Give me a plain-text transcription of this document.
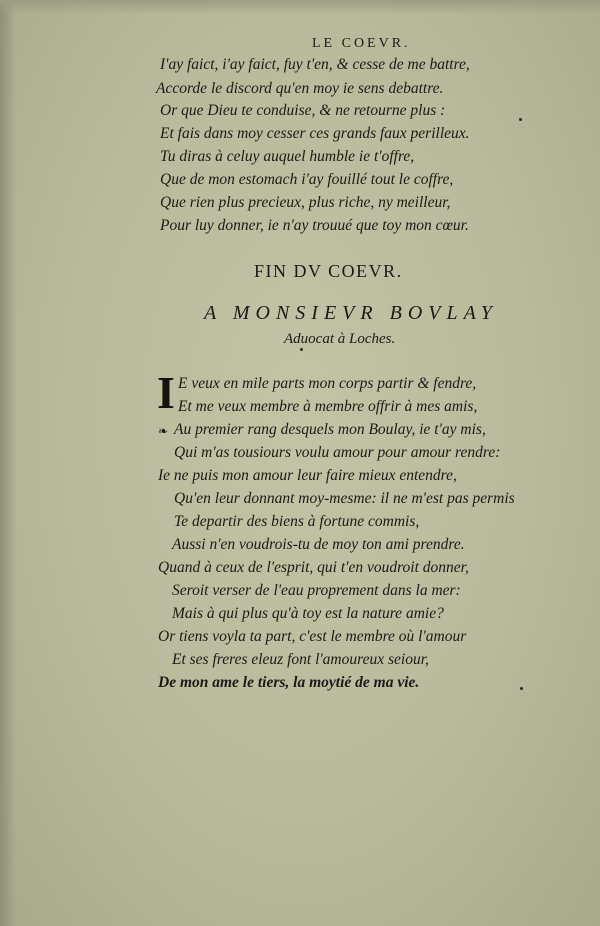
LE COEVR.
I'ay faict, i'ay faict, fuy t'en, & cesse de me battre,
Accorde le discord qu'en moy ie sens debattre.
Or que Dieu te conduise, & ne retourne plus :
Et fais dans moy cesser ces grands faux perilleux.
Tu diras à celuy auquel humble ie t'offre,
Que de mon estomach i'ay fouillé tout le coffre,
Que rien plus precieux, plus riche, ny meilleur,
Pour luy donner, ie n'ay trouué que toy mon cœur.
FIN DV COEVR.
A MONSIEVR BOVLAY
Aduocat à Loches.
I
❧
E veux en mile parts mon corps partir & fendre,
Et me veux membre à membre offrir à mes amis,
Au premier rang desquels mon Boulay, ie t'ay mis,
Qui m'as tousiours voulu amour pour amour rendre:
Ie ne puis mon amour leur faire mieux entendre,
Qu'en leur donnant moy-mesme: il ne m'est pas permis
Te departir des biens à fortune commis,
Aussi n'en voudrois-tu de moy ton ami prendre.
Quand à ceux de l'esprit, qui t'en voudroit donner,
Seroit verser de l'eau proprement dans la mer:
Mais à qui plus qu'à toy est la nature amie?
Or tiens voyla ta part, c'est le membre où l'amour
Et ses freres eleuz font l'amoureux seiour,
De mon ame le tiers, la moytié de ma vie.
